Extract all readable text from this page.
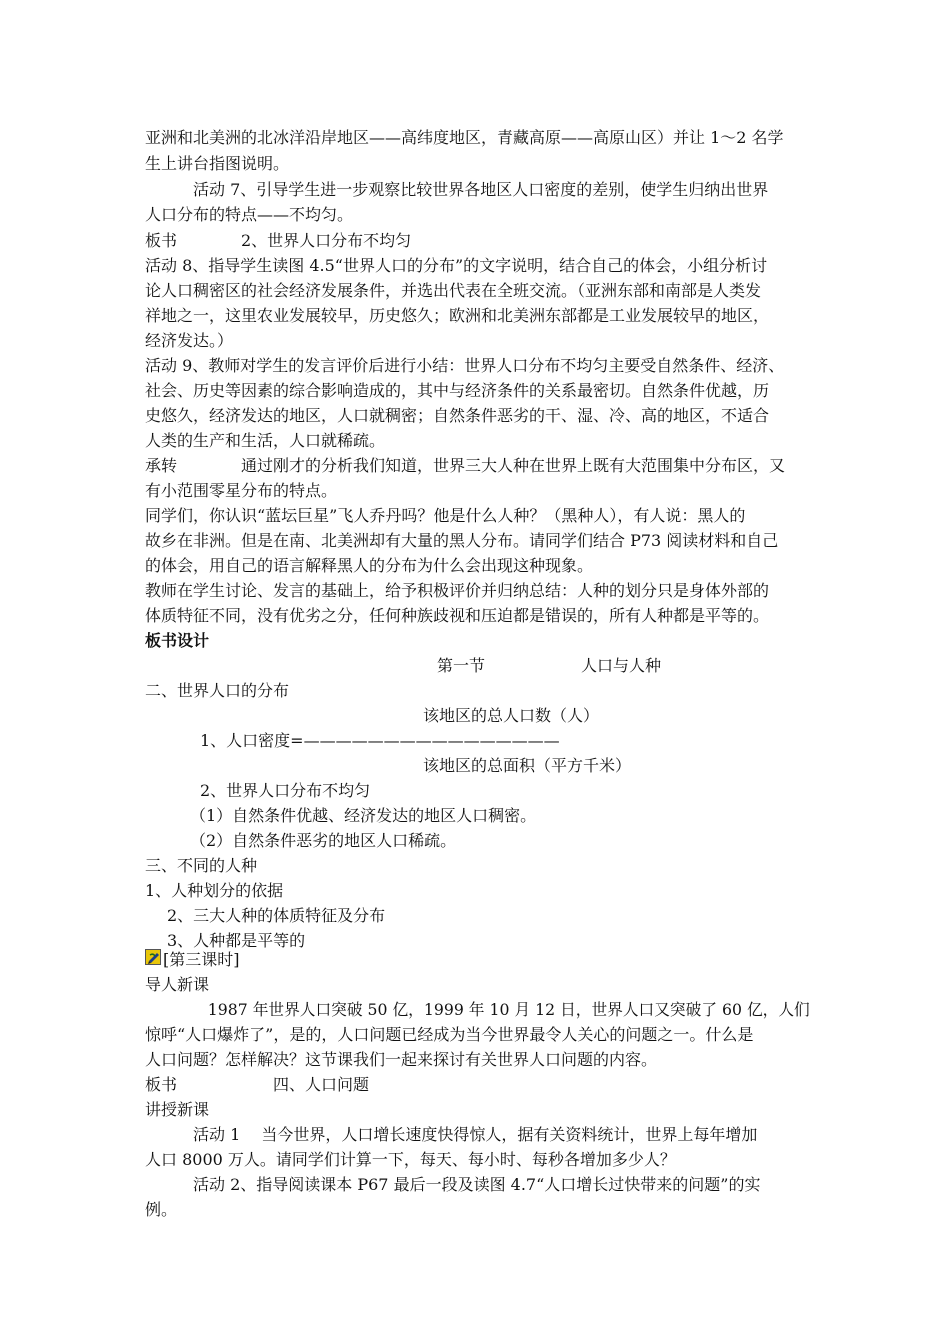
亚洲和北美洲的北冰洋沿岸地区——高纬度地区，青藏高原——高原山区）并让 1～2 名学
生上讲台指图说明。
　　　活动 7、引导学生进一步观察比较世界各地区人口密度的差别，使学生归纳出世界
人口分布的特点——不均匀。
板书　　　　2、世界人口分布不均匀
活动 8、指导学生读图 4.5“世界人口的分布”的文字说明，结合自己的体会，小组分析讨
论人口稠密区的社会经济发展条件，并选出代表在全班交流。（亚洲东部和南部是人类发
祥地之一，这里农业发展较早，历史悠久；欧洲和北美洲东部都是工业发展较早的地区，
经济发达。）
活动 9、教师对学生的发言评价后进行小结：世界人口分布不均匀主要受自然条件、经济、
社会、历史等因素的综合影响造成的，其中与经济条件的关系最密切。自然条件优越，历
史悠久，经济发达的地区，人口就稠密；自然条件恶劣的干、湿、冷、高的地区，不适合
人类的生产和生活，人口就稀疏。
承转　　　　通过刚才的分析我们知道，世界三大人种在世界上既有大范围集中分布区，又
有小范围零星分布的特点。
同学们，你认识“蓝坛巨星”飞人乔丹吗？他是什么人种？（黑种人），有人说：黑人的
故乡在非洲。但是在南、北美洲却有大量的黑人分布。请同学们结合 P73 阅读材料和自己
的体会，用自己的语言解释黑人的分布为什么会出现这种现象。
教师在学生讨论、发言的基础上，给予积极评价并归纳总结：人种的划分只是身体外部的
体质特征不同，没有优劣之分，任何种族歧视和压迫都是错误的，所有人种都是平等的。
板书设计
第一节　　　　　　人口与人种
二、世界人口的分布
该地区的总人口数（人）
1、人口密度=————————————————
该地区的总面积（平方千米）
2、世界人口分布不均匀
（1）自然条件优越、经济发达的地区人口稠密。
（2）自然条件恶劣的地区人口稀疏。
三、不同的人种
1、人种划分的依据
2、三大人种的体质特征及分布
3、人种都是平等的
[第三课时]
导人新课
　　　　1987 年世界人口突破 50 亿，1999 年 10 月 12 日，世界人口又突破了 60 亿，人们
惊呼“人口爆炸了”，是的，人口问题已经成为当今世界最令人关心的问题之一。什么是
人口问题？怎样解决？这节课我们一起来探讨有关世界人口问题的内容。
板书　　　　　　四、人口问题
讲授新课
　　　活动 1　 当今世界，人口增长速度快得惊人，据有关资料统计，世界上每年增加
人口 8000 万人。请同学们计算一下，每天、每小时、每秒各增加多少人？
　　　活动 2、指导阅读课本 P67 最后一段及读图 4.7“人口增长过快带来的问题”的实
例。
